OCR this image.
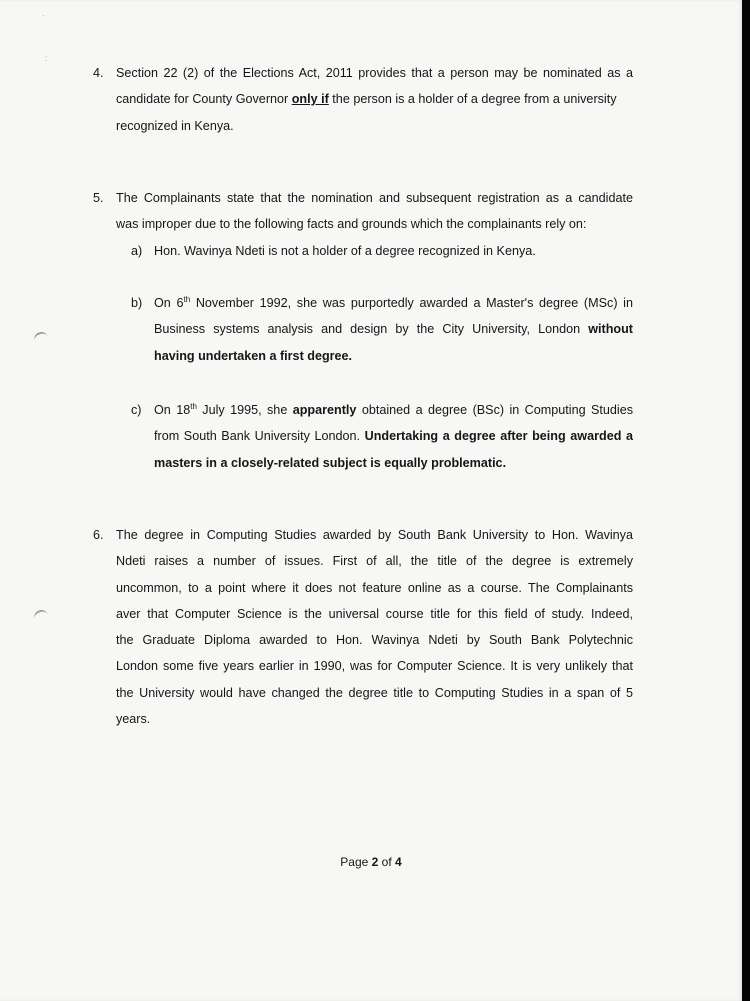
·
:
4. Section 22 (2) of the Elections Act, 2011 provides that a person may be nominated as a
candidate for County Governor only if the person is a holder of a degree from a university
recognized in Kenya.
5. The Complainants state that the nomination and subsequent registration as a candidate
was improper due to the following facts and grounds which the complainants rely on:
a) Hon. Wavinya Ndeti is not a holder of a degree recognized in Kenya.
b) On 6th November 1992, she was purportedly awarded a Master's degree (MSc) in
Business systems analysis and design by the City University, London without
having undertaken a first degree.
c) On 18th July 1995, she apparently obtained a degree (BSc) in Computing Studies
from South Bank University London. Undertaking a degree after being awarded a
masters in a closely-related subject is equally problematic.
6. The degree in Computing Studies awarded by South Bank University to Hon. Wavinya
Ndeti raises a number of issues. First of all, the title of the degree is extremely
uncommon, to a point where it does not feature online as a course. The Complainants
aver that Computer Science is the universal course title for this field of study. Indeed,
the Graduate Diploma awarded to Hon. Wavinya Ndeti by South Bank Polytechnic
London some five years earlier in 1990, was for Computer Science. It is very unlikely that
the University would have changed the degree title to Computing Studies in a span of 5
years.
Page 2 of 4
